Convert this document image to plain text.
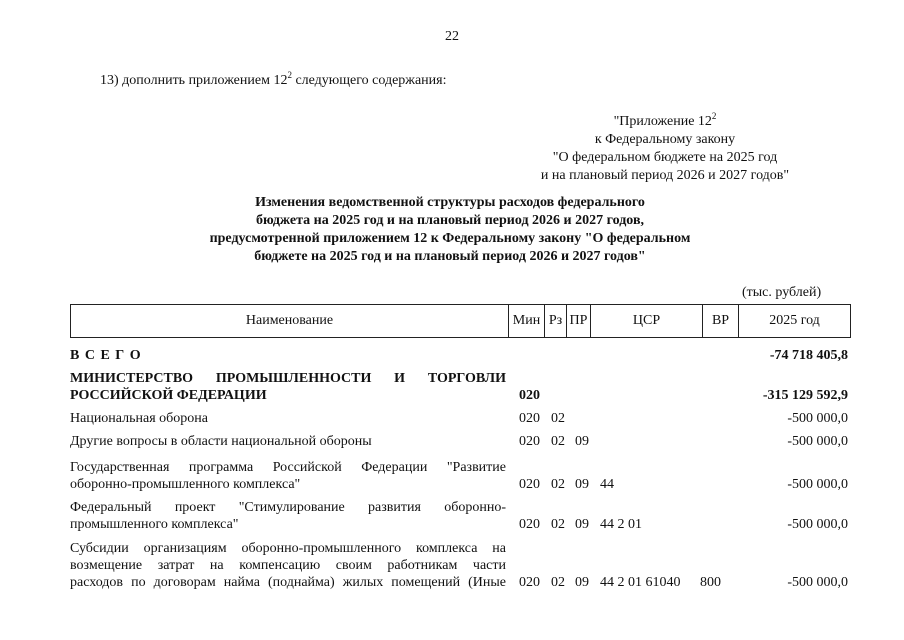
22
13) дополнить приложением $12^2$ следующего содержания:
"Приложение $12^2$
к Федеральному закону
"О федеральном бюджете на 2025 год
и на плановый период 2026 и 2027 годов"
Изменения ведомственной структуры расходов федерального
бюджета на 2025 год и на плановый период 2026 и 2027 годов,
предусмотренной приложением 12 к Федеральному закону "О федеральном
бюджете на 2025 год и на плановый период 2026 и 2027 годов"
(тыс. рублей)
Наименование	Мин	Рз	ПР	ЦСР	ВР	2025 год
В С Е Г О	-74 718 405,8
МИНИСТЕРСТВО ПРОМЫШЛЕННОСТИ И ТОРГОВЛИ
РОССИЙСКОЙ ФЕДЕРАЦИИ	020	-315 129 592,9
Национальная оборона	020 02	-500 000,0
Другие вопросы в области национальной обороны	020 02 09	-500 000,0
Государственная программа Российской Федерации "Развитие
оборонно-промышленного комплекса"	020 02 09 44	-500 000,0
Федеральный проект "Стимулирование развития оборонно-
промышленного комплекса"	020 02 09 44 2 01	-500 000,0
Субсидии организациям оборонно-промышленного комплекса на
возмещение затрат на компенсацию своим работникам части
расходов по договорам найма (поднайма) жилых помещений (Иные 020 02 09 44 2 01 61040 800	-500 000,0
